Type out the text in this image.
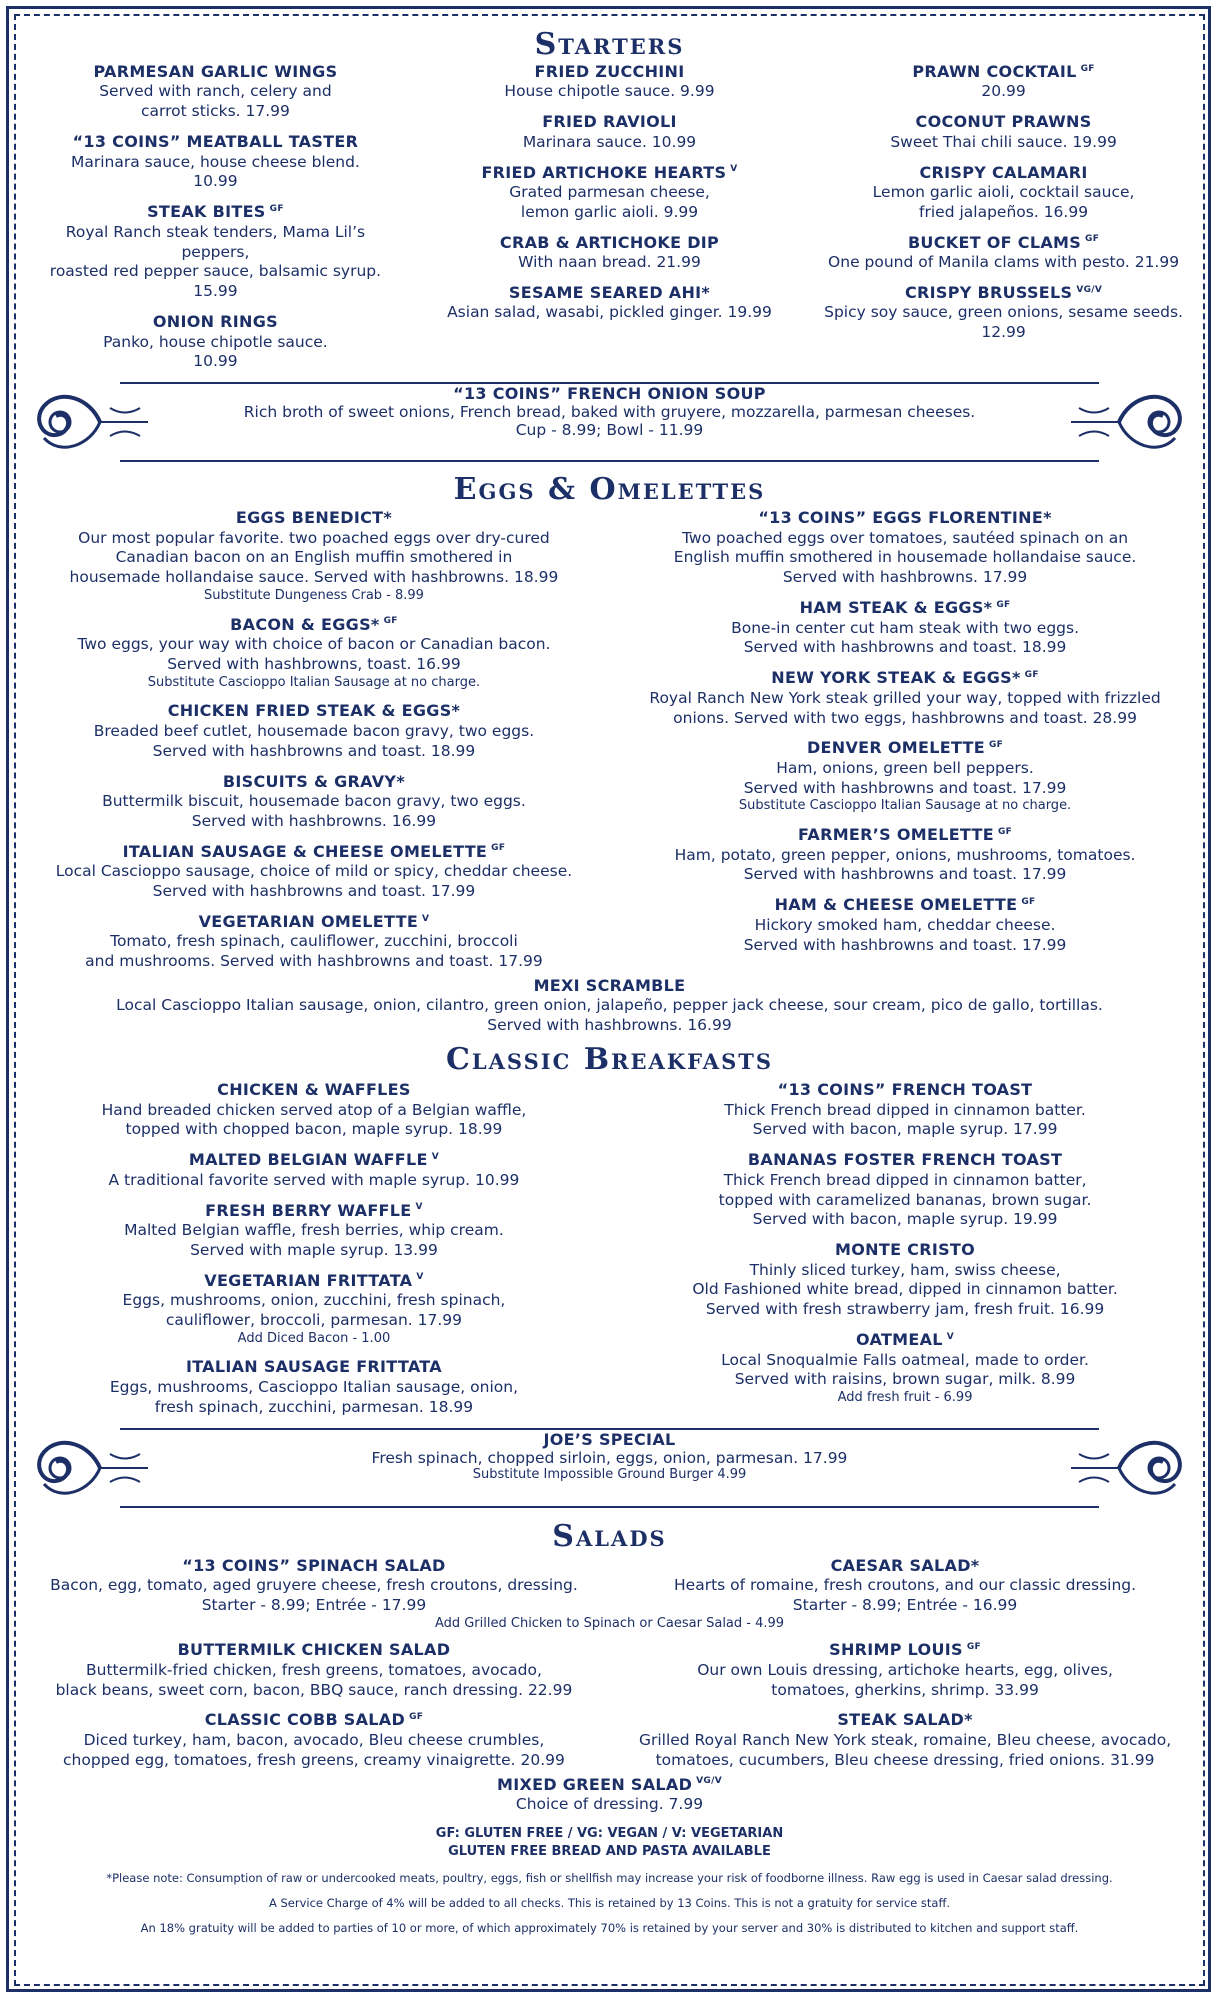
Starters
PARMESAN GARLIC WINGS
Served with ranch, celery and
carrot sticks. 17.99
“13 COINS” MEATBALL TASTER
Marinara sauce, house cheese blend.
10.99
STEAK BITES $^{GF}$
Royal Ranch steak tenders, Mama Lil’s peppers,
roasted red pepper sauce, balsamic syrup. 15.99
ONION RINGS
Panko, house chipotle sauce.
10.99
FRIED ZUCCHINI
House chipotle sauce. 9.99
FRIED RAVIOLI
Marinara sauce. 10.99
FRIED ARTICHOKE HEARTS $^V$
Grated parmesan cheese,
lemon garlic aioli. 9.99
CRAB & ARTICHOKE DIP
With naan bread. 21.99
SESAME SEARED AHI*
Asian salad, wasabi, pickled ginger. 19.99
PRAWN COCKTAIL $^{GF}$
20.99
COCONUT PRAWNS
Sweet Thai chili sauce. 19.99
CRISPY CALAMARI
Lemon garlic aioli, cocktail sauce,
fried jalapeños. 16.99
BUCKET OF CLAMS $^{GF}$
One pound of Manila clams with pesto. 21.99
CRISPY BRUSSELS $^{VG/V}$
Spicy soy sauce, green onions, sesame seeds.
12.99
“13 COINS” FRENCH ONION SOUP
Rich broth of sweet onions, French bread, baked with gruyere, mozzarella, parmesan cheeses.
Cup - 8.99; Bowl - 11.99
Eggs & Omelettes
EGGS BENEDICT*
Our most popular favorite. two poached eggs over dry-cured
Canadian bacon on an English muffin smothered in
housemade hollandaise sauce. Served with hashbrowns. 18.99
Substitute Dungeness Crab - 8.99
BACON & EGGS* $^{GF}$
Two eggs, your way with choice of bacon or Canadian bacon.
Served with hashbrowns, toast. 16.99
Substitute Cascioppo Italian Sausage at no charge.
CHICKEN FRIED STEAK & EGGS*
Breaded beef cutlet, housemade bacon gravy, two eggs.
Served with hashbrowns and toast. 18.99
BISCUITS & GRAVY*
Buttermilk biscuit, housemade bacon gravy, two eggs.
Served with hashbrowns. 16.99
ITALIAN SAUSAGE & CHEESE OMELETTE $^{GF}$
Local Cascioppo sausage, choice of mild or spicy, cheddar cheese.
Served with hashbrowns and toast. 17.99
VEGETARIAN OMELETTE $^V$
Tomato, fresh spinach, cauliflower, zucchini, broccoli
and mushrooms. Served with hashbrowns and toast. 17.99
“13 COINS” EGGS FLORENTINE*
Two poached eggs over tomatoes, sautéed spinach on an
English muffin smothered in housemade hollandaise sauce.
Served with hashbrowns. 17.99
HAM STEAK & EGGS* $^{GF}$
Bone-in center cut ham steak with two eggs.
Served with hashbrowns and toast. 18.99
NEW YORK STEAK & EGGS* $^{GF}$
Royal Ranch New York steak grilled your way, topped with frizzled
onions. Served with two eggs, hashbrowns and toast. 28.99
DENVER OMELETTE $^{GF}$
Ham, onions, green bell peppers.
Served with hashbrowns and toast. 17.99
Substitute Cascioppo Italian Sausage at no charge.
FARMER’S OMELETTE $^{GF}$
Ham, potato, green pepper, onions, mushrooms, tomatoes.
Served with hashbrowns and toast. 17.99
HAM & CHEESE OMELETTE $^{GF}$
Hickory smoked ham, cheddar cheese.
Served with hashbrowns and toast. 17.99
MEXI SCRAMBLE
Local Cascioppo Italian sausage, onion, cilantro, green onion, jalapeño, pepper jack cheese, sour cream, pico de gallo, tortillas.
Served with hashbrowns. 16.99
Classic Breakfasts
CHICKEN & WAFFLES
Hand breaded chicken served atop of a Belgian waffle,
topped with chopped bacon, maple syrup. 18.99
MALTED BELGIAN WAFFLE $^V$
A traditional favorite served with maple syrup. 10.99
FRESH BERRY WAFFLE $^V$
Malted Belgian waffle, fresh berries, whip cream.
Served with maple syrup. 13.99
VEGETARIAN FRITTATA $^V$
Eggs, mushrooms, onion, zucchini, fresh spinach,
cauliflower, broccoli, parmesan. 17.99
Add Diced Bacon - 1.00
ITALIAN SAUSAGE FRITTATA
Eggs, mushrooms, Cascioppo Italian sausage, onion,
fresh spinach, zucchini, parmesan. 18.99
“13 COINS” FRENCH TOAST
Thick French bread dipped in cinnamon batter.
Served with bacon, maple syrup. 17.99
BANANAS FOSTER FRENCH TOAST
Thick French bread dipped in cinnamon batter,
topped with caramelized bananas, brown sugar.
Served with bacon, maple syrup. 19.99
MONTE CRISTO
Thinly sliced turkey, ham, swiss cheese,
Old Fashioned white bread, dipped in cinnamon batter.
Served with fresh strawberry jam, fresh fruit. 16.99
OATMEAL $^V$
Local Snoqualmie Falls oatmeal, made to order.
Served with raisins, brown sugar, milk. 8.99
Add fresh fruit - 6.99
JOE’S SPECIAL
Fresh spinach, chopped sirloin, eggs, onion, parmesan. 17.99
Substitute Impossible Ground Burger 4.99
Salads
“13 COINS” SPINACH SALAD
Bacon, egg, tomato, aged gruyere cheese, fresh croutons, dressing.
Starter - 8.99; Entrée - 17.99
CAESAR SALAD*
Hearts of romaine, fresh croutons, and our classic dressing.
Starter - 8.99; Entrée - 16.99
Add Grilled Chicken to Spinach or Caesar Salad - 4.99
BUTTERMILK CHICKEN SALAD
Buttermilk-fried chicken, fresh greens, tomatoes, avocado,
black beans, sweet corn, bacon, BBQ sauce, ranch dressing. 22.99
CLASSIC COBB SALAD $^{GF}$
Diced turkey, ham, bacon, avocado, Bleu cheese crumbles,
chopped egg, tomatoes, fresh greens, creamy vinaigrette. 20.99
SHRIMP LOUIS $^{GF}$
Our own Louis dressing, artichoke hearts, egg, olives,
tomatoes, gherkins, shrimp. 33.99
STEAK SALAD*
Grilled Royal Ranch New York steak, romaine, Bleu cheese, avocado,
tomatoes, cucumbers, Bleu cheese dressing, fried onions. 31.99
MIXED GREEN SALAD $^{VG/V}$
Choice of dressing. 7.99
GF: GLUTEN FREE / VG: VEGAN / V: VEGETARIAN
GLUTEN FREE BREAD AND PASTA AVAILABLE
*Please note: Consumption of raw or undercooked meats, poultry, eggs, fish or shellfish may increase your risk of foodborne illness. Raw egg is used in Caesar salad dressing.
A Service Charge of 4% will be added to all checks. This is retained by 13 Coins. This is not a gratuity for service staff.
An 18% gratuity will be added to parties of 10 or more, of which approximately 70% is retained by your server and 30% is distributed to kitchen and support staff.
